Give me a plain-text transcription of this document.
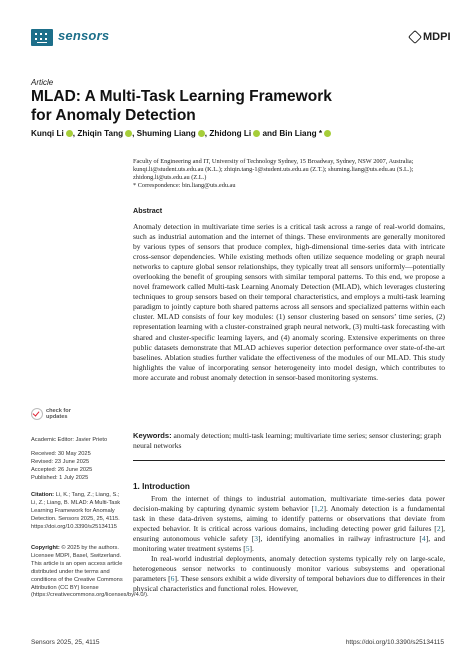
sensors	MDPI
Article
MLAD: A Multi-Task Learning Framework for Anomaly Detection
Kunqi Li , Zhiqin Tang , Shuming Liang , Zhidong Li and Bin Liang *
Faculty of Engineering and IT, University of Technology Sydney, 15 Broadway, Sydney, NSW 2007, Australia; kunqi.li@student.uts.edu.au (K.L.); zhiqin.tang-1@student.uts.edu.au (Z.T.); shuming.liang@uts.edu.au (S.L.); zhidong.li@uts.edu.au (Z.L.)
* Correspondence: bin.liang@uts.edu.au
Abstract
Anomaly detection in multivariate time series is a critical task across a range of real-world domains, such as industrial automation and the internet of things. These environments are generally monitored by various types of sensors that produce complex, high-dimensional time-series data with intricate cross-sensor dependencies. While existing methods often utilize sequence modeling or graph neural networks to capture global sensor relationships, they typically treat all sensors uniformly—potentially overlooking the benefit of grouping sensors with similar temporal patterns. To this end, we propose a novel framework called Multi-task Learning Anomaly Detection (MLAD), which leverages clustering techniques to group sensors based on their temporal characteristics, and employs a multi-task learning paradigm to jointly capture both shared patterns across all sensors and specialized patterns within each cluster. MLAD consists of four key modules: (1) sensor clustering based on sensors’ time series, (2) representation learning with a cluster-constrained graph neural network, (3) multi-task forecasting with shared and cluster-specific learning layers, and (4) anomaly scoring. Extensive experiments on three public datasets demonstrate that MLAD achieves superior detection performance over state-of-the-art baselines. Ablation studies further validate the effectiveness of the modules of our MLAD. This study highlights the value of incorporating sensor heterogeneity into model design, which contributes to more accurate and robust anomaly detection in sensor-based monitoring systems.
Keywords: anomaly detection; multi-task learning; multivariate time series; sensor clustering; graph neural networks
1. Introduction

From the internet of things to industrial automation, multivariate time-series data power decision-making by capturing dynamic system behavior [1,2]. Anomaly detection is a fundamental task in these data-driven systems, aiming to identify patterns or observations that deviate from expected behavior. It is critical across various domains, including detecting power grid failures [2], ensuring autonomous vehicle safety [3], identifying anomalies in railway infrastructure [4], and monitoring water treatment systems [5].

In real-world industrial deployments, anomaly detection systems typically rely on large-scale, heterogeneous sensor networks to continuously monitor various subsystems and operational parameters [6]. These sensors exhibit a wide diversity of temporal behaviors due to differences in their physical characteristics and functional roles. However,

check for
updates
Academic Editor: Javier Prieto
Received: 30 May 2025
Revised: 23 June 2025
Accepted: 26 June 2025
Published: 1 July 2025
Citation: Li, K.; Tang, Z.; Liang, S.; Li, Z.; Liang, B. MLAD: A Multi-Task Learning Framework for Anomaly Detection. Sensors 2025, 25, 4115. https://doi.org/10.3390/s25134115
Copyright: © 2025 by the authors. Licensee MDPI, Basel, Switzerland. This article is an open access article distributed under the terms and conditions of the Creative Commons Attribution (CC BY) license (https://creativecommons.org/licenses/by/4.0/).
Sensors 2025, 25, 4115	https://doi.org/10.3390/s25134115
